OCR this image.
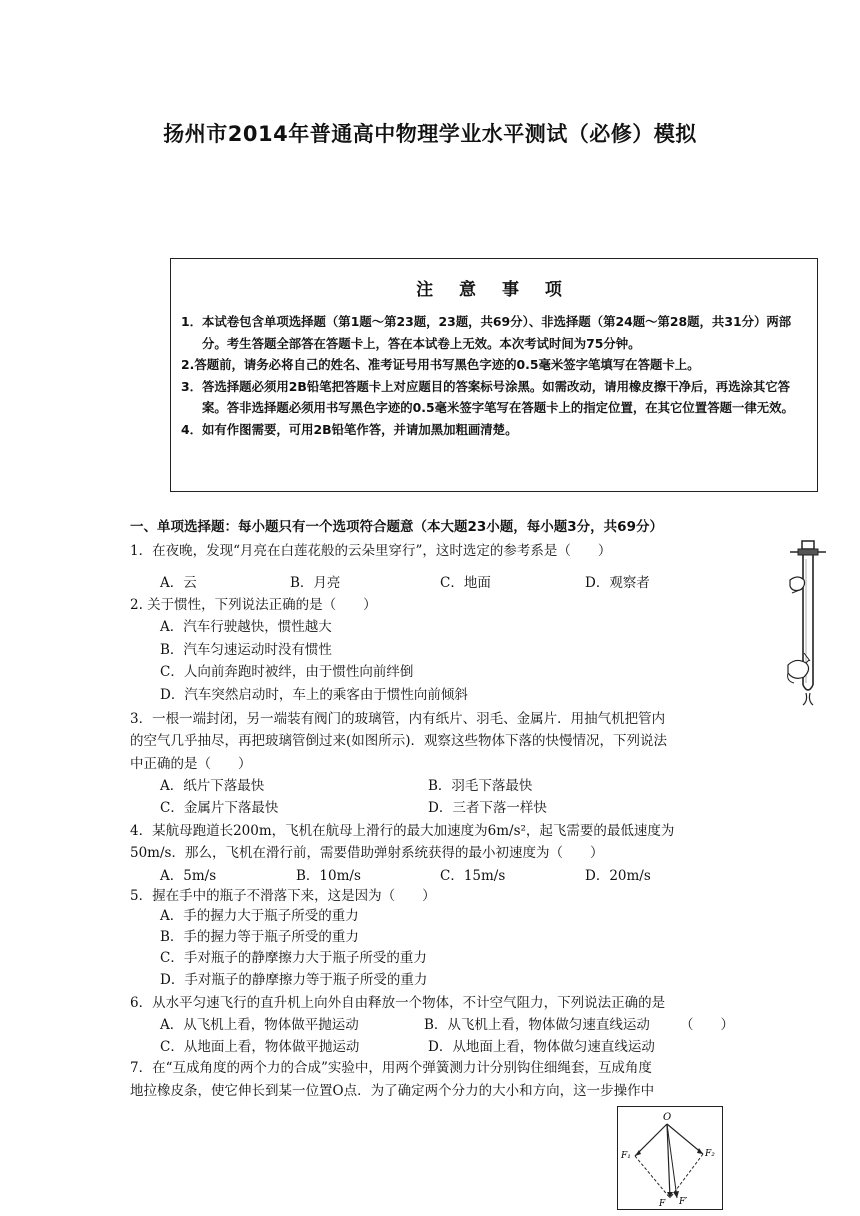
扬州市2014年普通高中物理学业水平测试（必修）模拟
注 意 事 项
1． 本试卷包含单项选择题（第1题～第23题，23题，共69分）、非选择题（第24题～第28题，共31分）两部分。考生答题全部答在答题卡上，答在本试卷上无效。本次考试时间为75分钟。
2. 答题前，请务必将自己的姓名、准考证号用书写黑色字迹的0.5毫米签字笔填写在答题卡上。
3． 答选择题必须用2B铅笔把答题卡上对应题目的答案标号涂黑。如需改动，请用橡皮擦干净后，再选涂其它答案。答非选择题必须用书写黑色字迹的0.5毫米签字笔写在答题卡上的指定位置，在其它位置答题一律无效。
4． 如有作图需要，可用2B铅笔作答，并请加黑加粗画清楚。
一、单项选择题：每小题只有一个选项符合题意（本大题23小题，每小题3分，共69分）
1．在夜晚，发现“月亮在白莲花般的云朵里穿行”，这时选定的参考系是（　　）
A．云	B．月亮	C．地面	D．观察者
2. 关于惯性，下列说法正确的是（　　）
A．汽车行驶越快，惯性越大
B．汽车匀速运动时没有惯性
C．人向前奔跑时被绊，由于惯性向前绊倒
D．汽车突然启动时，车上的乘客由于惯性向前倾斜
3．一根一端封闭，另一端装有阀门的玻璃管，内有纸片、羽毛、金属片．用抽气机把管内
的空气几乎抽尽，再把玻璃管倒过来(如图所示)．观察这些物体下落的快慢情况，下列说法
中正确的是（　　）
A．纸片下落最快	B．羽毛下落最快
C．金属片下落最快	D．三者下落一样快
4．某航母跑道长200m，飞机在航母上滑行的最大加速度为6m/s²，起飞需要的最低速度为
50m/s．那么，飞机在滑行前，需要借助弹射系统获得的最小初速度为（　　）
A．5m/s	B．10m/s	C．15m/s	D．20m/s
5．握在手中的瓶子不滑落下来，这是因为（　　）
A．手的握力大于瓶子所受的重力
B．手的握力等于瓶子所受的重力
C．手对瓶子的静摩擦力大于瓶子所受的重力
D．手对瓶子的静摩擦力等于瓶子所受的重力
6．从水平匀速飞行的直升机上向外自由释放一个物体，不计空气阻力，下列说法正确的是
A．从飞机上看，物体做平抛运动	B．从飞机上看，物体做匀速直线运动 （　　）
C．从地面上看，物体做平抛运动	D．从地面上看，物体做匀速直线运动
7．在“互成角度的两个力的合成”实验中，用两个弹簧测力计分别钩住细绳套，互成角度
地拉橡皮条，使它伸长到某一位置O点．为了确定两个分力的大小和方向，这一步操作中
O
F₁	F₂
F F′
